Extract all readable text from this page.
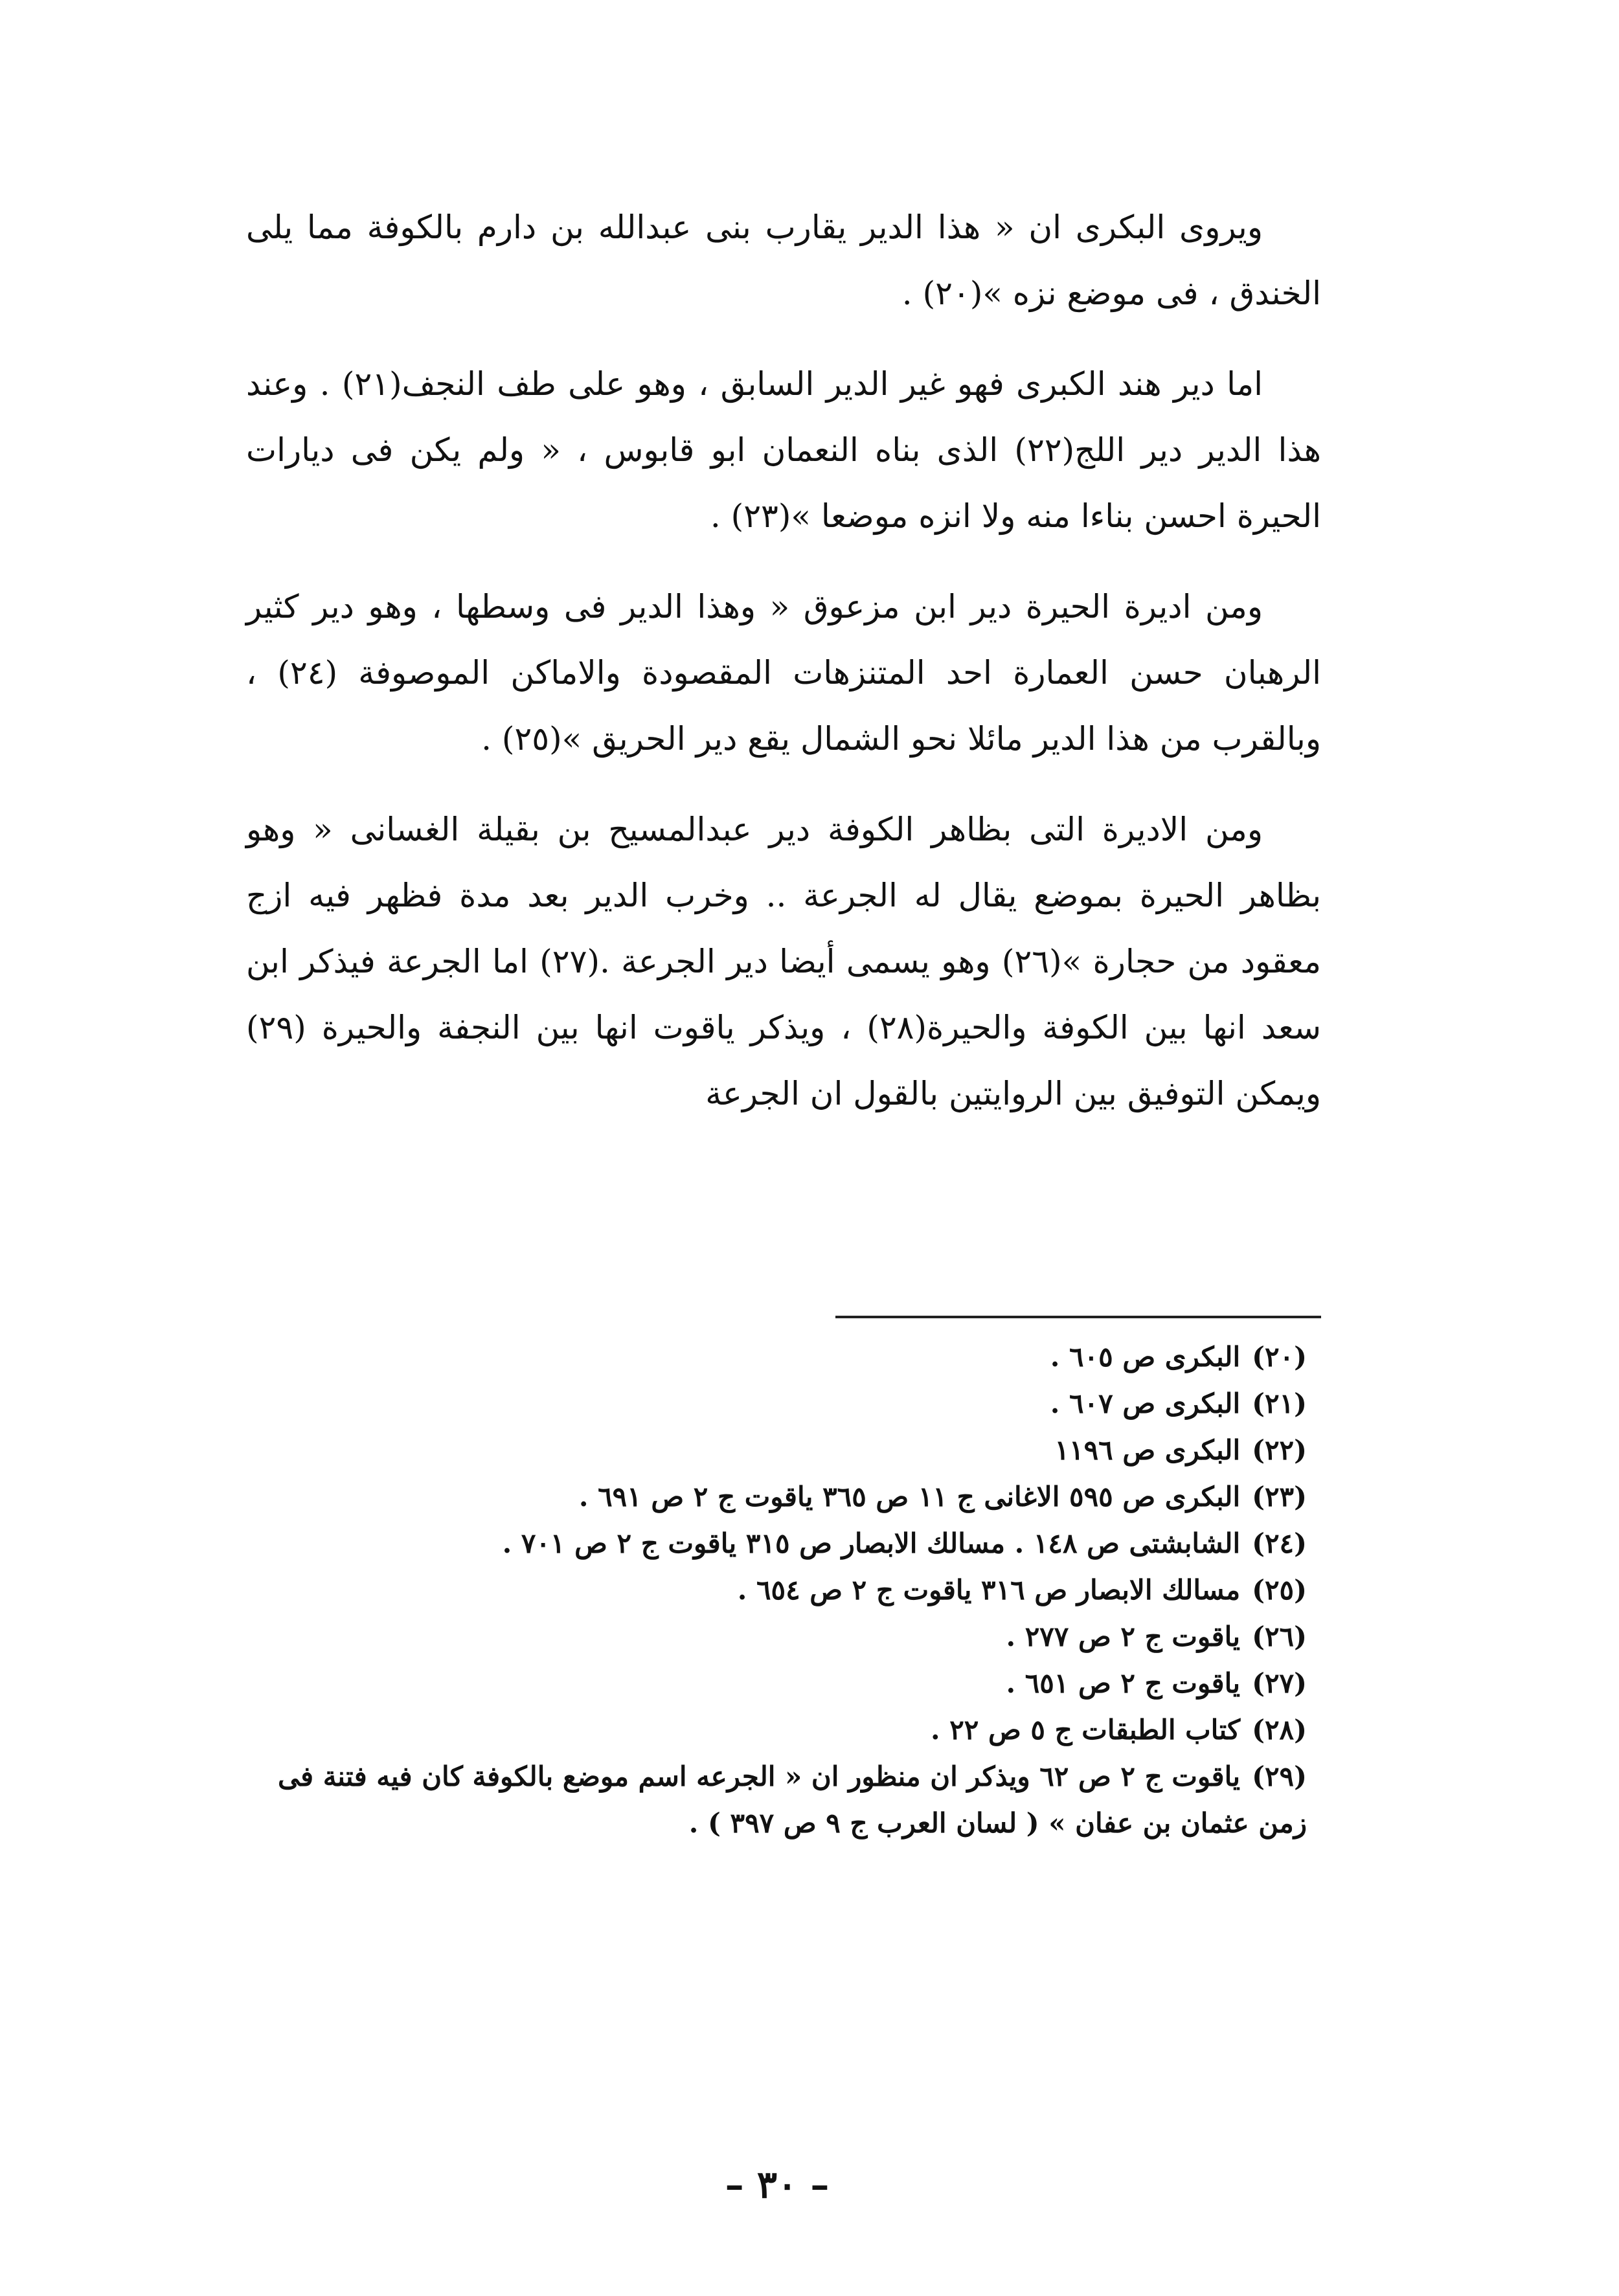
ويروى البكرى ان « هذا الدير يقارب بنى عبدالله بن دارم بالكوفة مما يلى الخندق ، فى موضع نزه »(٢٠) .

اما دير هند الكبرى فهو غير الدير السابق ، وهو على طف النجف(٢١) . وعند هذا الدير دير اللج(٢٢) الذى بناه النعمان ابو قابوس ، « ولم يكن فى ديارات الحيرة احسن بناءا منه ولا انزه موضعا »(٢٣) .

ومن اديرة الحيرة دير ابن مزعوق « وهذا الدير فى وسطها ، وهو دير كثير الرهبان حسن العمارة احد المتنزهات المقصودة والاماكن الموصوفة (٢٤) ، وبالقرب من هذا الدير مائلا نحو الشمال يقع دير الحريق »(٢٥) .

ومن الاديرة التى بظاهر الكوفة دير عبدالمسيح بن بقيلة الغسانى « وهو بظاهر الحيرة بموضع يقال له الجرعة .. وخرب الدير بعد مدة فظهر فيه ازج معقود من حجارة »(٢٦) وهو يسمى أيضا دير الجرعة .(٢٧) اما الجرعة فيذكر ابن سعد انها بين الكوفة والحيرة(٢٨) ، ويذكر ياقوت انها بين النجفة والحيرة (٢٩) ويمكن التوفيق بين الروايتين بالقول ان الجرعة

( ٢٠ )البكرى ص ٦٠٥ .

( ٢١ )البكرى ص ٦٠٧ .

( ٢٢ )البكرى ص ١١٩٦

( ٢٣ )البكرى ص ٥٩٥ الاغانى ج ١١ ص ٣٦٥ ياقوت ج ٢ ص ٦٩١ .

( ٢٤ )الشابشتى ص ١٤٨ . مسالك الابصار ص ٣١٥ ياقوت ج ٢ ص ٧٠١ .

( ٢٥ )مسالك الابصار ص ٣١٦ ياقوت ج ٢ ص ٦٥٤ .

( ٢٦ )ياقوت ج ٢ ص ٢٧٧ .

( ٢٧ )ياقوت ج ٢ ص ٦٥١ .

( ٢٨ )كتاب الطبقات ج ٥ ص ٢٢ .

( ٢٩ )ياقوت ج ٢ ص ٦٢ ويذكر ان منظور ان « الجرعه اسم موضع بالكوفة كان فيه فتنة فى زمن عثمان بن عفان » ( لسان العرب ج ٩ ص ٣٩٧ ) .

– ٣٠ –
